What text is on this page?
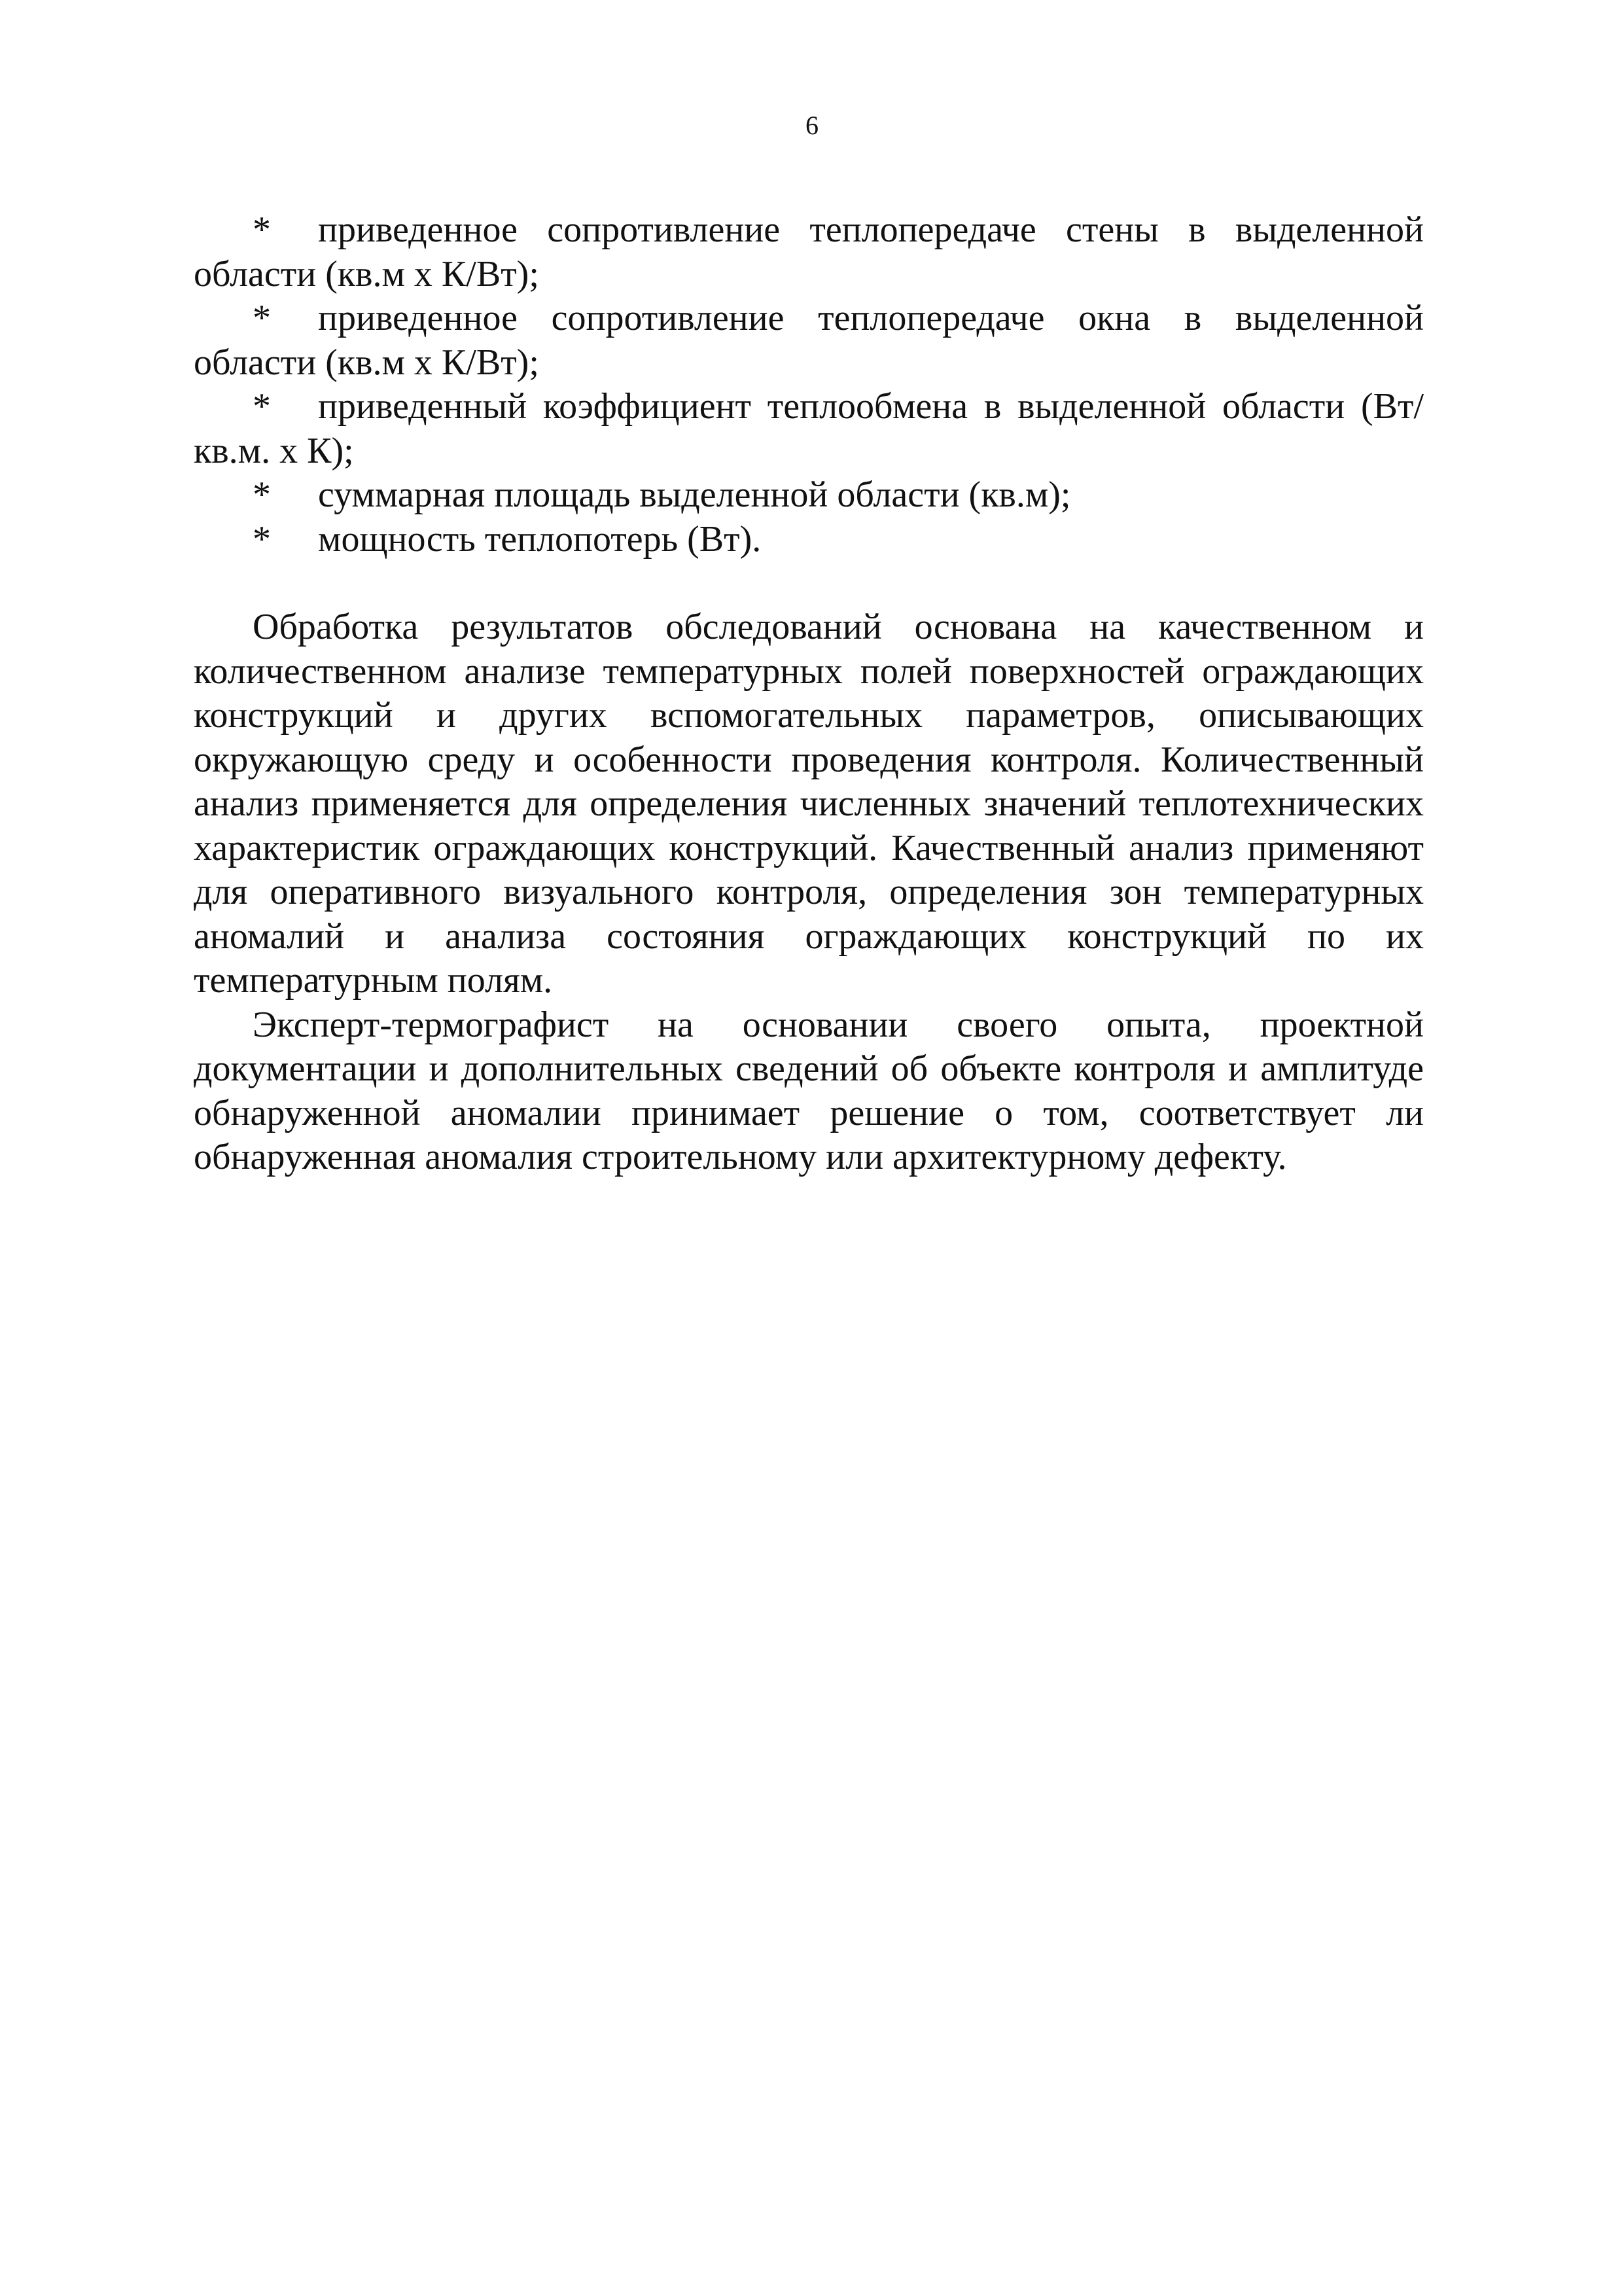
6

* приведенное сопротивление теплопередаче стены в выделенной области (кв.м х К/Вт);

* приведенное сопротивление теплопередаче окна в выделенной области (кв.м х К/Вт);

* приведенный коэффициент теплообмена в выделенной области (Вт/ кв.м. х К);

* суммарная площадь выделенной области (кв.м);

* мощность теплопотерь (Вт).

Обработка результатов обследований основана на качественном и количественном анализе температурных полей поверхностей ограждающих конструкций и других вспомогательных параметров, описывающих окружающую среду и особенности проведения контроля. Количественный анализ применяется для определения численных значений теплотехнических характеристик ограждающих конструкций. Качественный анализ применяют для оперативного визуального контроля, определения зон температурных аномалий и анализа состояния ограждающих конструкций по их температурным полям.

Эксперт-термографист на основании своего опыта, проектной документации и дополнительных сведений об объекте контроля и амплитуде обнаруженной аномалии принимает решение о том, соответствует ли обнаруженная аномалия строительному или архитектурному дефекту.
